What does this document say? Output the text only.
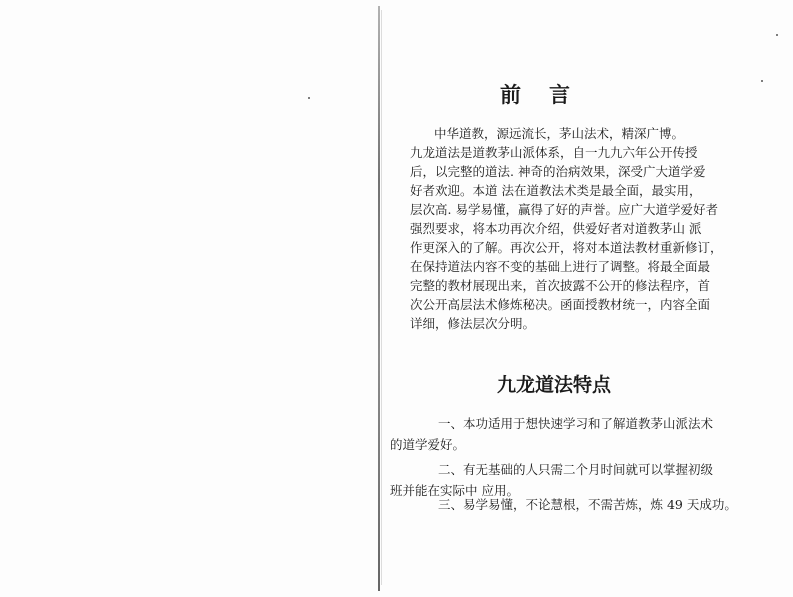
前言
中华道教，源远流长，茅山法术，精深广博。
九龙道法是道教茅山派体系，自一九九六年公开传授
后，以完整的道法. 神奇的治病效果，深受广大道学爱
好者欢迎。本道 法在道教法术类是最全面，最实用，
层次高. 易学易懂，赢得了好的声誉。应广大道学爱好者
强烈要求，将本功再次介绍，供爱好者对道教茅山 派
作更深入的了解。再次公开，将对本道法教材重新修订，
在保持道法内容不变的基础上进行了调整。将最全面最
完整的教材展现出来，首次披露不公开的修法程序，首
次公开高层法术修炼秘决。函面授教材统一，内容全面
详细，修法层次分明。
九龙道法特点
一、本功适用于想快速学习和了解道教茅山派法术
的道学爱好。
二、有无基础的人只需二个月时间就可以掌握初级
班并能在实际中 应用。
三、易学易懂，不论慧根，不需苦炼，炼 49 天成功。
